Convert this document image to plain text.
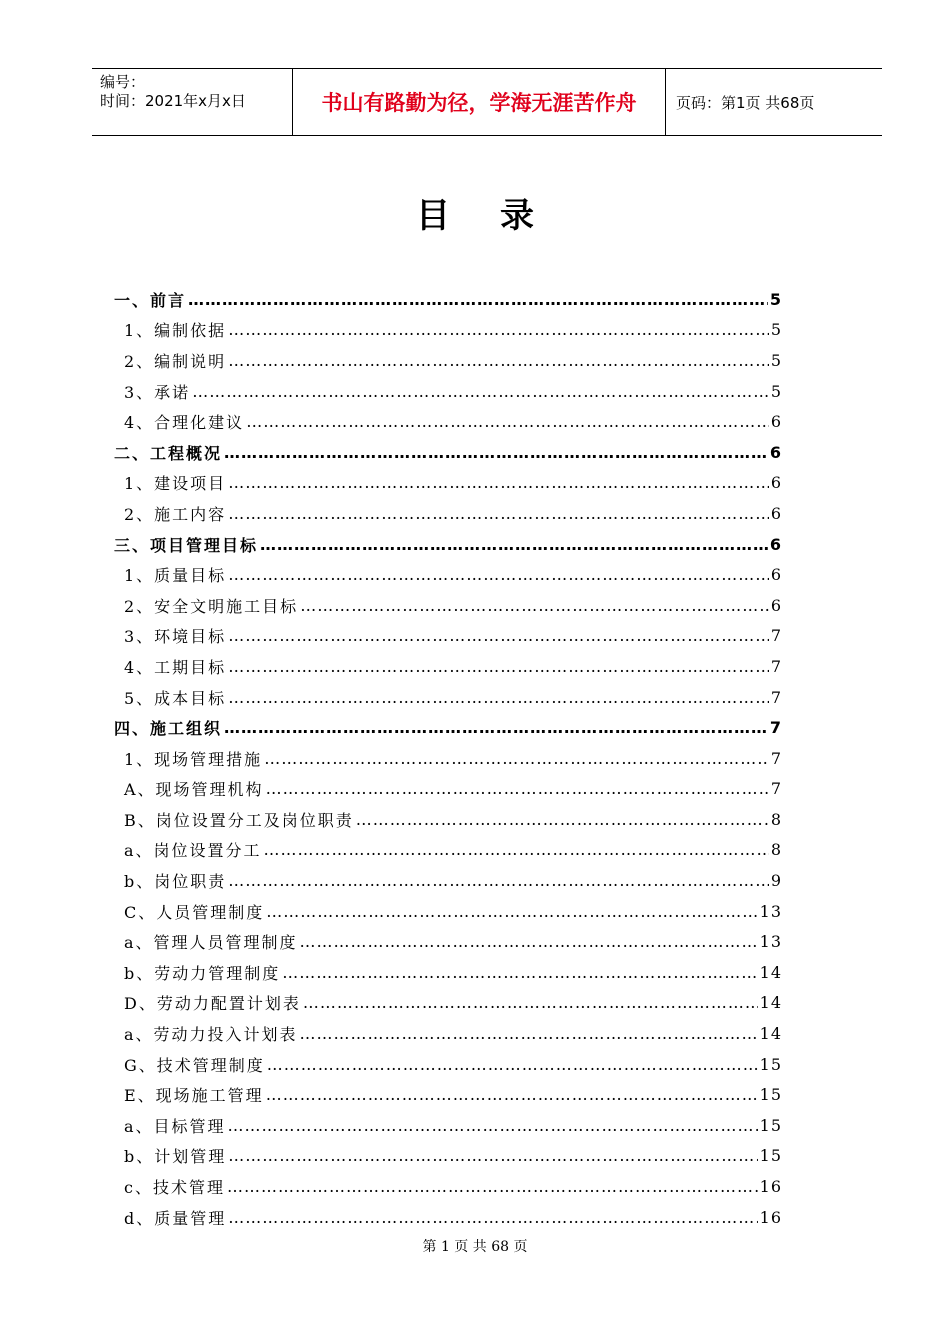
编号：
时间：2021年x月x日	书山有路勤为径，学海无涯苦作舟	页码：第1页 共68页
目录
一、前言 …………………………………………………………………………………………………………………………………………………………	5
1、编制依据 …………………………………………………………………………………………………………………………………………………………	5
2、编制说明 …………………………………………………………………………………………………………………………………………………………	5
3、承诺 …………………………………………………………………………………………………………………………………………………………	5
4、合理化建议 …………………………………………………………………………………………………………………………………………………………	6
二、工程概况 …………………………………………………………………………………………………………………………………………………………	6
1、建设项目 …………………………………………………………………………………………………………………………………………………………	6
2、施工内容 …………………………………………………………………………………………………………………………………………………………	6
三、项目管理目标 …………………………………………………………………………………………………………………………………………………………	6
1、质量目标 …………………………………………………………………………………………………………………………………………………………	6
2、安全文明施工目标 …………………………………………………………………………………………………………………………………………………………	6
3、环境目标 …………………………………………………………………………………………………………………………………………………………	7
4、工期目标 …………………………………………………………………………………………………………………………………………………………	7
5、成本目标 …………………………………………………………………………………………………………………………………………………………	7
四、施工组织 …………………………………………………………………………………………………………………………………………………………	7
1、现场管理措施 …………………………………………………………………………………………………………………………………………………………	7
A、现场管理机构 …………………………………………………………………………………………………………………………………………………………	7
B、岗位设置分工及岗位职责 …………………………………………………………………………………………………………………………………………………………	8
a、岗位设置分工 …………………………………………………………………………………………………………………………………………………………	8
b、岗位职责 …………………………………………………………………………………………………………………………………………………………	9
C、人员管理制度 …………………………………………………………………………………………………………………………………………………………	13
a、管理人员管理制度 …………………………………………………………………………………………………………………………………………………………	13
b、劳动力管理制度 …………………………………………………………………………………………………………………………………………………………	14
D、劳动力配置计划表 …………………………………………………………………………………………………………………………………………………………	14
a、劳动力投入计划表 …………………………………………………………………………………………………………………………………………………………	14
G、技术管理制度 …………………………………………………………………………………………………………………………………………………………	15
E、现场施工管理 …………………………………………………………………………………………………………………………………………………………	15
a、目标管理 …………………………………………………………………………………………………………………………………………………………	15
b、计划管理 …………………………………………………………………………………………………………………………………………………………	15
c、技术管理 …………………………………………………………………………………………………………………………………………………………	16
d、质量管理 …………………………………………………………………………………………………………………………………………………………	16
第 1 页 共 68 页
